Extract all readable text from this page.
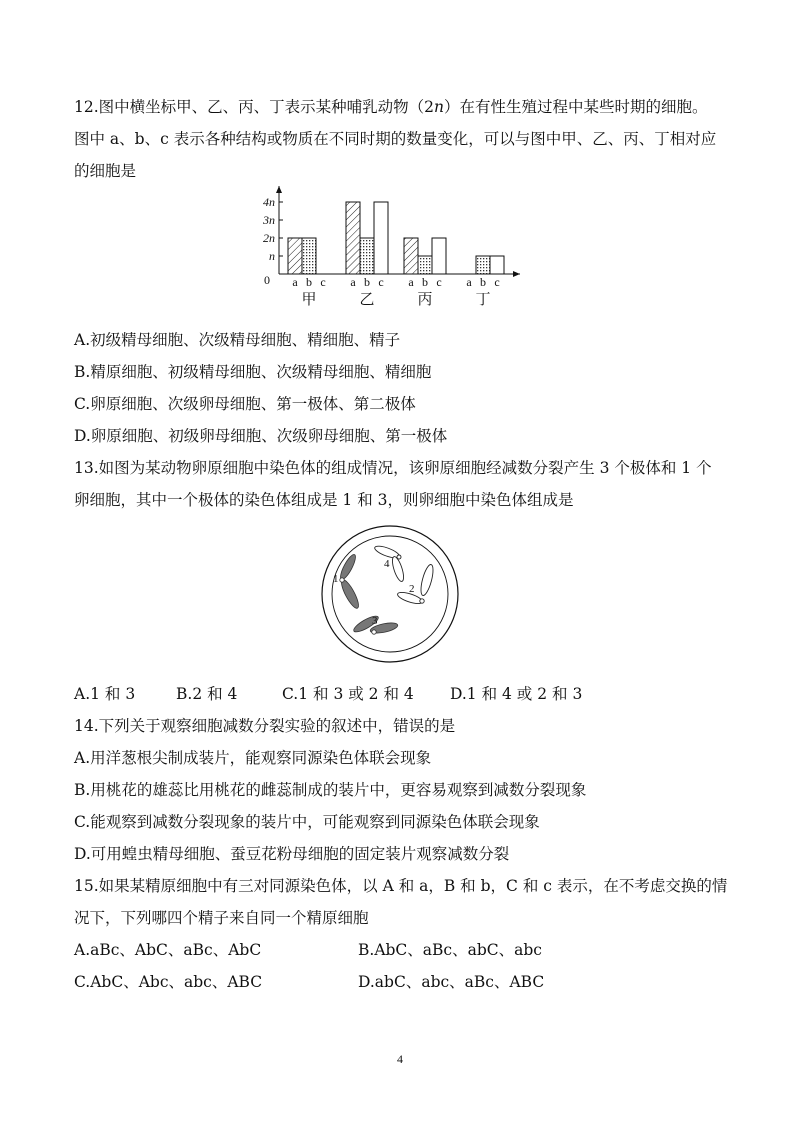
12.图中横坐标甲、乙、丙、丁表示某种哺乳动物（2n）在有性生殖过程中某些时期的细胞。
图中 a、b、c 表示各种结构或物质在不同时期的数量变化，可以与图中甲、乙、丙、丁相对应
的细胞是
4n
3n
2n
n
0 a b c
甲
a b c
乙
a b c
丙
a b c
丁
A.初级精母细胞、次级精母细胞、精细胞、精子
B.精原细胞、初级精母细胞、次级精母细胞、精细胞
C.卵原细胞、次级卵母细胞、第一极体、第二极体
D.卵原细胞、初级卵母细胞、次级卵母细胞、第一极体
13.如图为某动物卵原细胞中染色体的组成情况，该卵原细胞经减数分裂产生 3 个极体和 1 个
卵细胞，其中一个极体的染色体组成是 1 和 3，则卵细胞中染色体组成是
1
2
3
4
A.1 和 3	B.2 和 4	C.1 和 3 或 2 和 4 D.1 和 4 或 2 和 3
14.下列关于观察细胞减数分裂实验的叙述中，错误的是
A.用洋葱根尖制成装片，能观察同源染色体联会现象
B.用桃花的雄蕊比用桃花的雌蕊制成的装片中，更容易观察到减数分裂现象
C.能观察到减数分裂现象的装片中，可能观察到同源染色体联会现象
D.可用蝗虫精母细胞、蚕豆花粉母细胞的固定装片观察减数分裂
15.如果某精原细胞中有三对同源染色体，以 A 和 a，B 和 b，C 和 c 表示，在不考虑交换的情
况下，下列哪四个精子来自同一个精原细胞
A.aBc、AbC、aBc、AbC	B.AbC、aBc、abC、abc
C.AbC、Abc、abc、ABC	D.abC、abc、aBc、ABC
4
